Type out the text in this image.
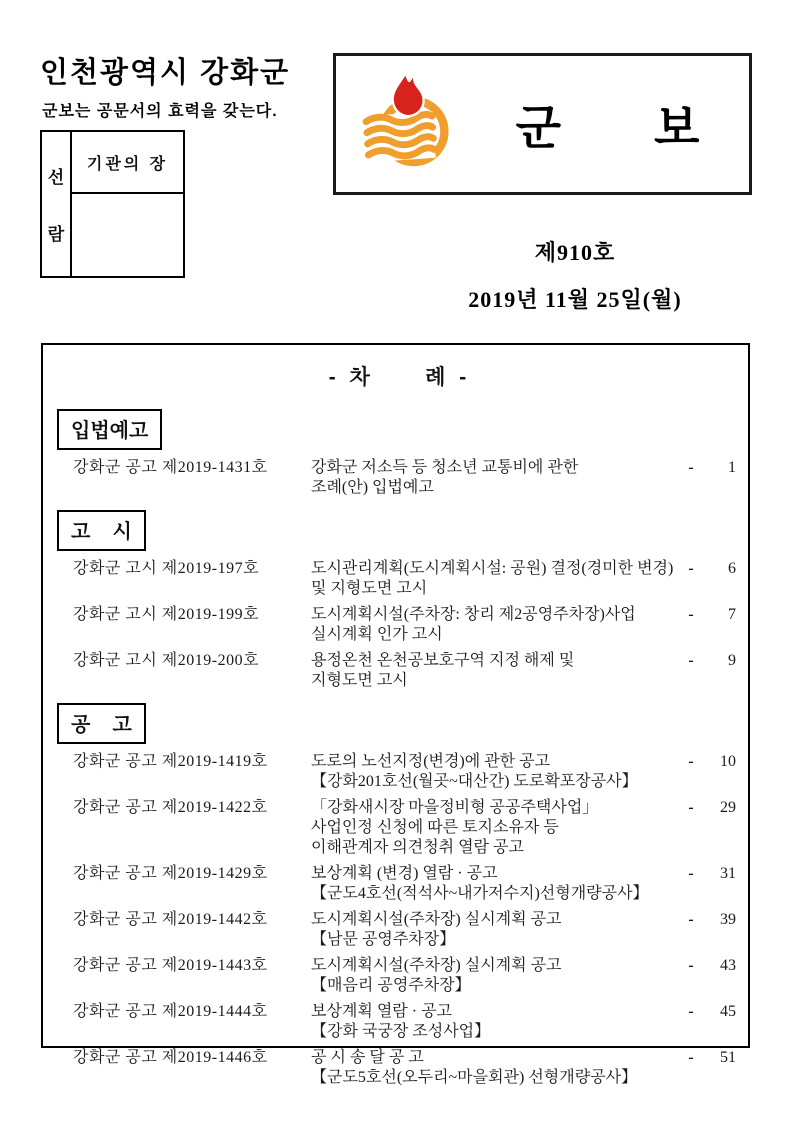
인천광역시 강화군

군보는 공문서의 효력을 갖는다.

선
람
기관의 장
군 보
제910호
2019년 11월 25일(월)
- 차    례 -
입법예고
강화군 공고 제2019-1431호	강화군 저소득 등 청소년 교통비에 관한
조례(안) 입법예고
-	1
고    시
강화군 고시 제2019-197호	도시관리계획(도시계획시설: 공원) 결정(경미한 변경)
및 지형도면 고시
-	6
강화군 고시 제2019-199호	도시계획시설(주차장: 창리 제2공영주차장)사업
실시계획 인가 고시
-	7
강화군 고시 제2019-200호	용정온천 온천공보호구역 지정 해제 및
지형도면 고시
-	9
공    고
강화군 공고 제2019-1419호	도로의 노선지정(변경)에 관한 공고
【강화201호선(월곳~대산간) 도로확포장공사】
-	10
강화군 공고 제2019-1422호	「강화새시장 마을정비형 공공주택사업」
사업인정 신청에 따른 토지소유자 등
이해관계자 의견청취 열람 공고
-	29
강화군 공고 제2019-1429호	보상계획 (변경) 열람 · 공고
【군도4호선(적석사~내가저수지)선형개량공사】
-	31
강화군 공고 제2019-1442호	도시계획시설(주차장) 실시계획 공고
【남문 공영주차장】
-	39
강화군 공고 제2019-1443호	도시계획시설(주차장) 실시계획 공고
【매음리 공영주차장】
-	43
강화군 공고 제2019-1444호	보상계획 열람 · 공고
【강화 국궁장 조성사업】
-	45
강화군 공고 제2019-1446호	공 시 송 달 공 고
【군도5호선(오두리~마을회관) 선형개량공사】
-	51
